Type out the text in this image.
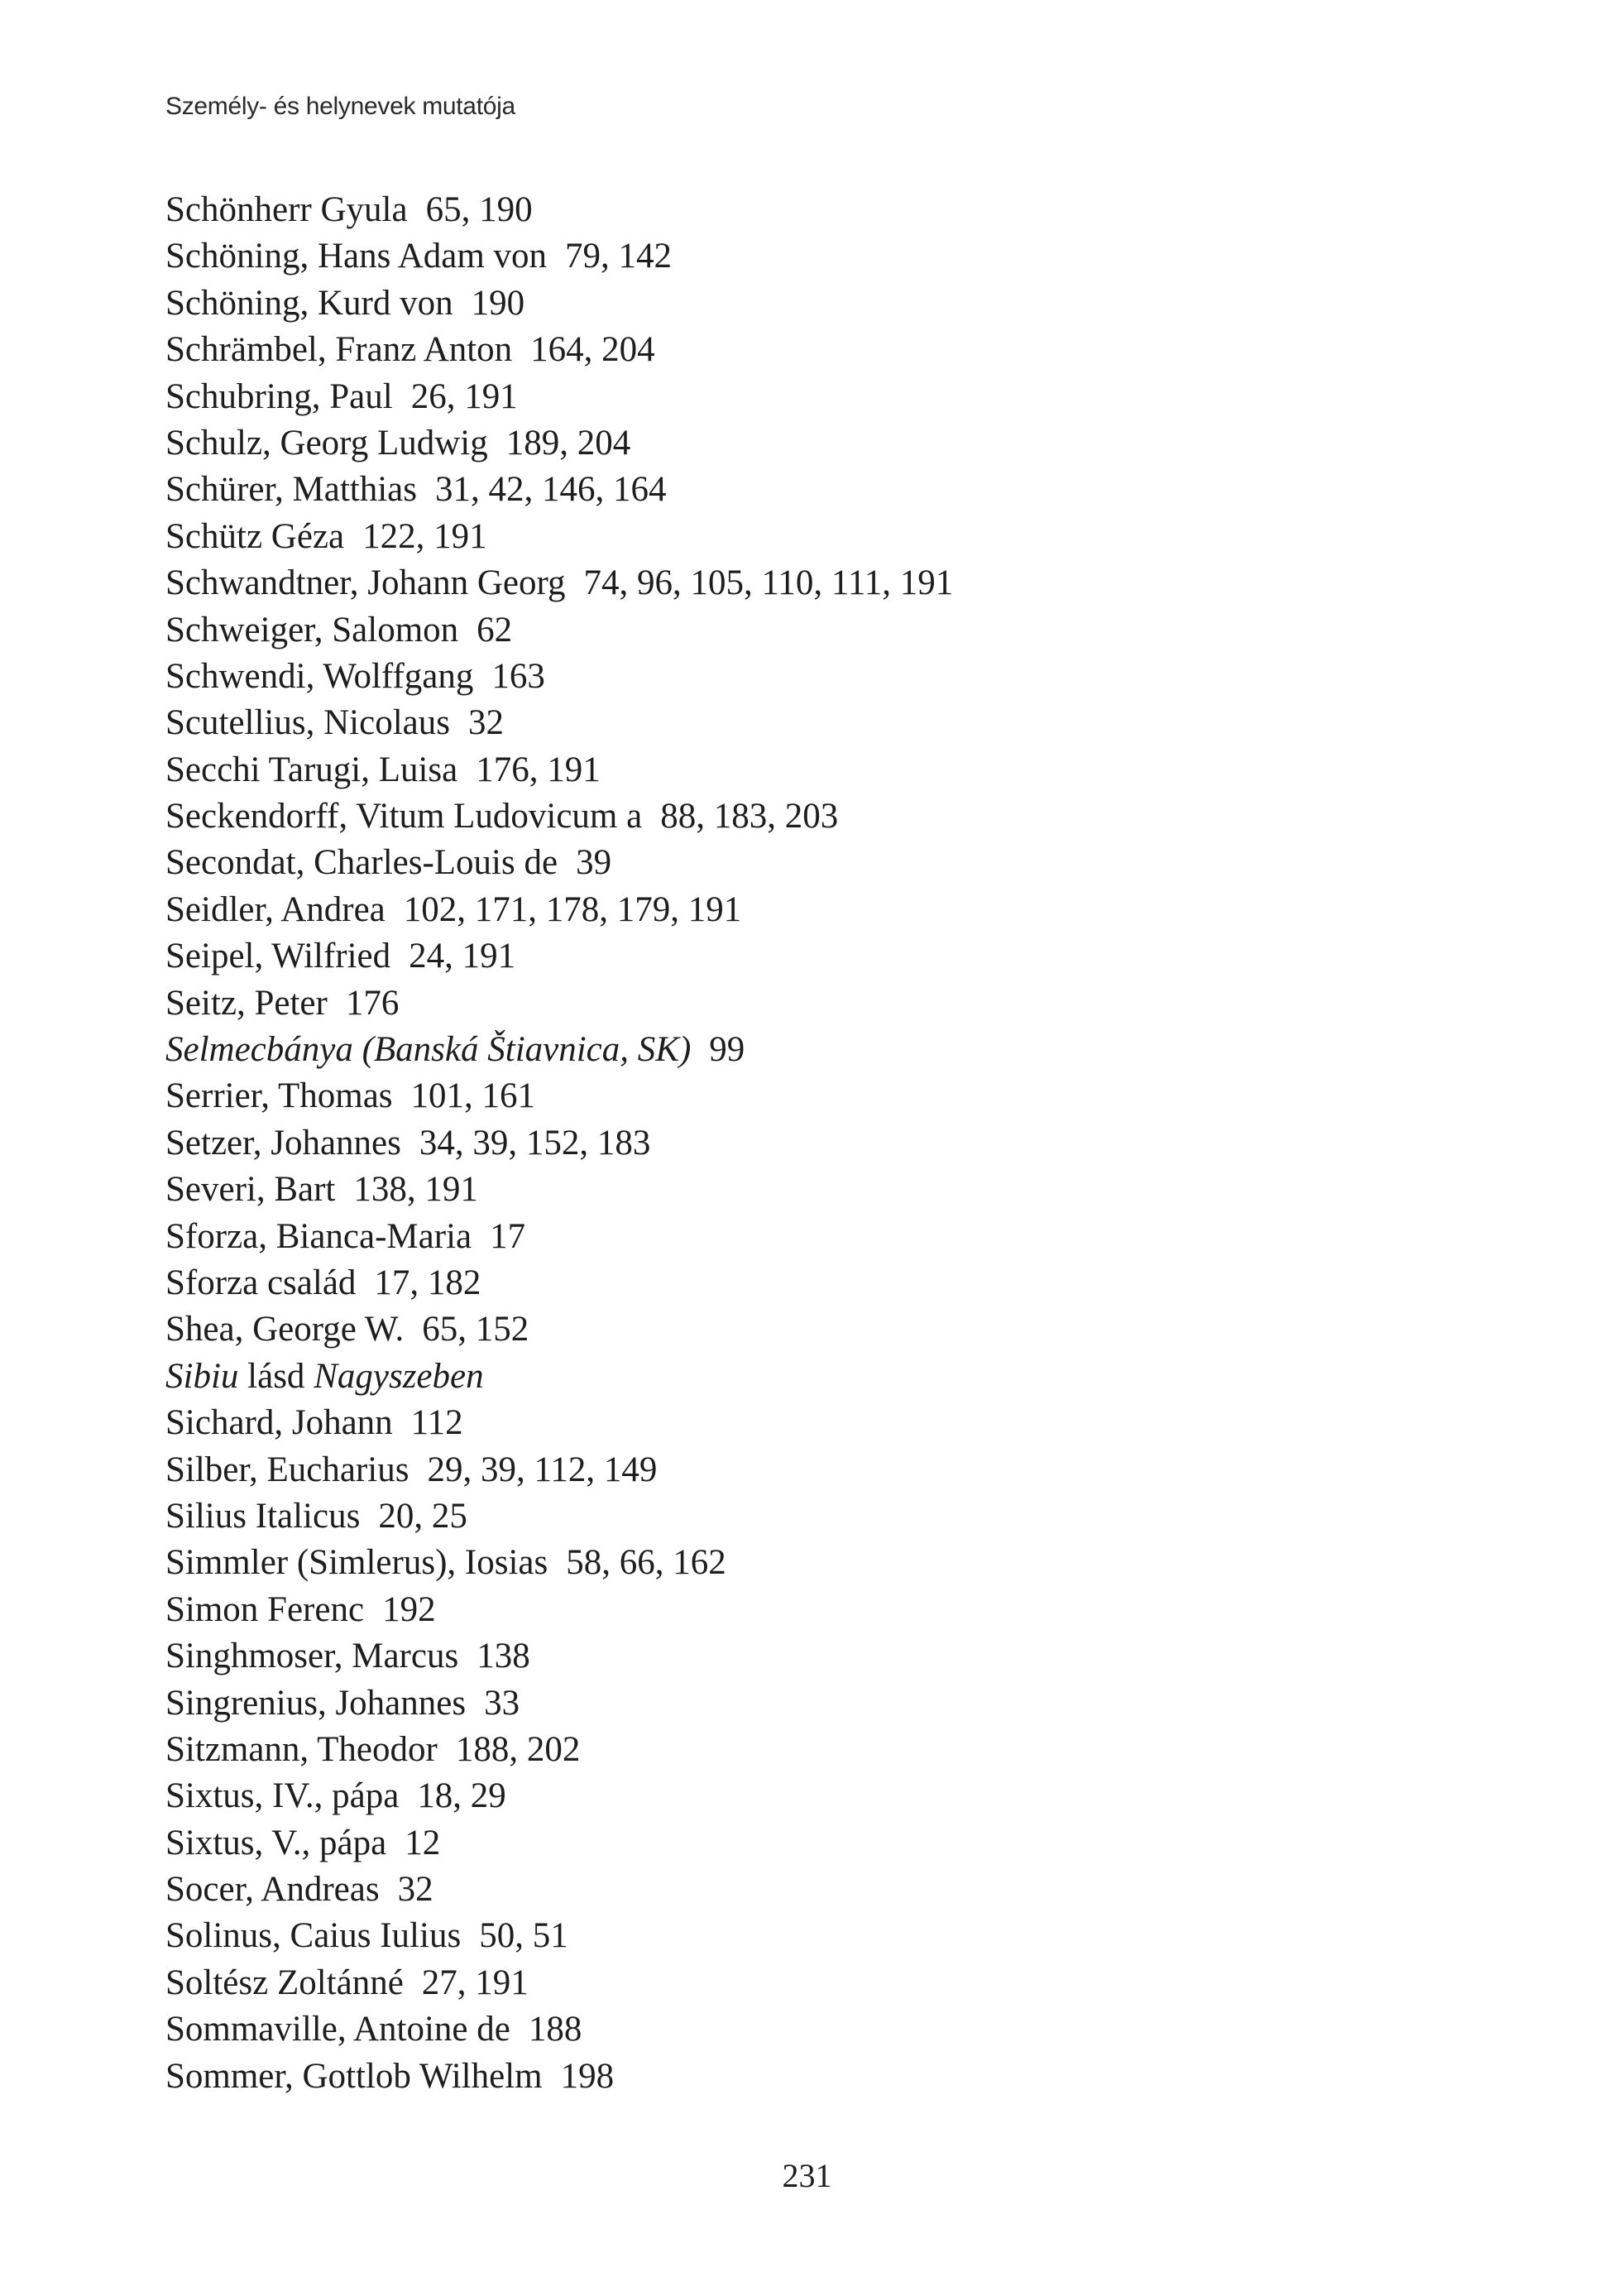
Személy- és helynevek mutatója
Schönherr Gyula 65, 190
Schöning, Hans Adam von 79, 142
Schöning, Kurd von 190
Schrämbel, Franz Anton 164, 204
Schubring, Paul 26, 191
Schulz, Georg Ludwig 189, 204
Schürer, Matthias 31, 42, 146, 164
Schütz Géza 122, 191
Schwandtner, Johann Georg 74, 96, 105, 110, 111, 191
Schweiger, Salomon 62
Schwendi, Wolffgang 163
Scutellius, Nicolaus 32
Secchi Tarugi, Luisa 176, 191
Seckendorff, Vitum Ludovicum a 88, 183, 203
Secondat, Charles-Louis de 39
Seidler, Andrea 102, 171, 178, 179, 191
Seipel, Wilfried 24, 191
Seitz, Peter 176
Selmecbánya (Banská Štiavnica, SK) 99
Serrier, Thomas 101, 161
Setzer, Johannes 34, 39, 152, 183
Severi, Bart 138, 191
Sforza, Bianca-Maria 17
Sforza család 17, 182
Shea, George W. 65, 152
Sibiu lásd Nagyszeben
Sichard, Johann 112
Silber, Eucharius 29, 39, 112, 149
Silius Italicus 20, 25
Simmler (Simlerus), Iosias 58, 66, 162
Simon Ferenc 192
Singhmoser, Marcus 138
Singrenius, Johannes 33
Sitzmann, Theodor 188, 202
Sixtus, IV., pápa 18, 29
Sixtus, V., pápa 12
Socer, Andreas 32
Solinus, Caius Iulius 50, 51
Soltész Zoltánné 27, 191
Sommaville, Antoine de 188
Sommer, Gottlob Wilhelm 198
231
